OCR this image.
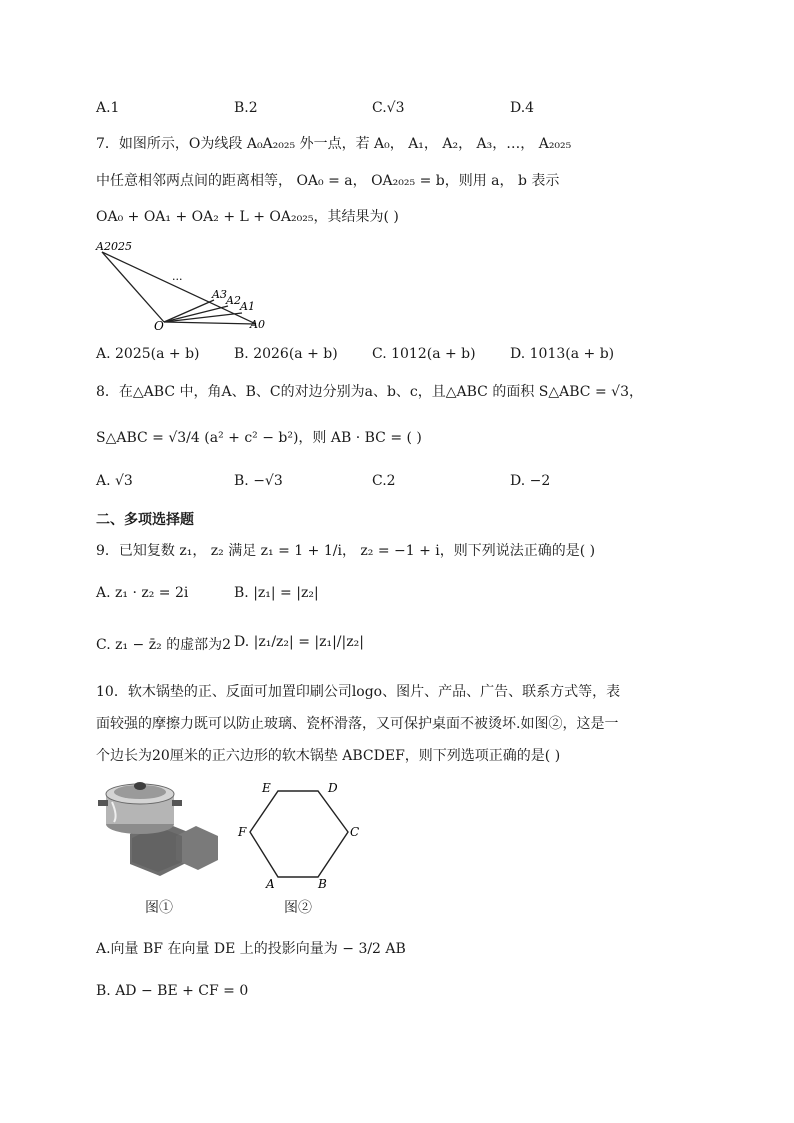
A.1	B.2	C.√3	D.4
7．如图所示，O为线段 A₀A₂₀₂₅ 外一点，若 A₀， A₁， A₂， A₃，…， A₂₀₂₅
中任意相邻两点间的距离相等， OA₀ = a， OA₂₀₂₅ = b，则用 a， b 表示
OA₀ + OA₁ + OA₂ + L + OA₂₀₂₅，其结果为( )
A2025
...
A3 A2 A1
O	A0
A. 2025(a + b) B. 2026(a + b) C. 1012(a + b) D. 1013(a + b)
8．在△ABC 中，角A、B、C的对边分别为a、b、c，且△ABC 的面积 S△ABC = √3，
S△ABC = √3/4 (a² + c² − b²)，则 AB · BC = ( )
A. √3	B. −√3	C.2	D. −2
二、多项选择题
9．已知复数 z₁， z₂ 满足 z₁ = 1 + 1/i， z₂ = −1 + i，则下列说法正确的是( )
A. z₁ · z₂ = 2i	B. |z₁| = |z₂|
C. z₁ − z̄₂ 的虚部为2 D. |z₁/z₂| = |z₁|/|z₂|
10．软木锅垫的正、反面可加置印刷公司logo、图片、产品、广告、联系方式等，表
面较强的摩擦力既可以防止玻璃、瓷杯滑落，又可保护桌面不被烫坏.如图②，这是一
个边长为20厘米的正六边形的软木锅垫 ABCDEF，则下列选项正确的是( )
图①
A	B
C
D
E
F
图②
A.向量 BF 在向量 DE 上的投影向量为 − 3/2 AB
B. AD − BE + CF = 0
